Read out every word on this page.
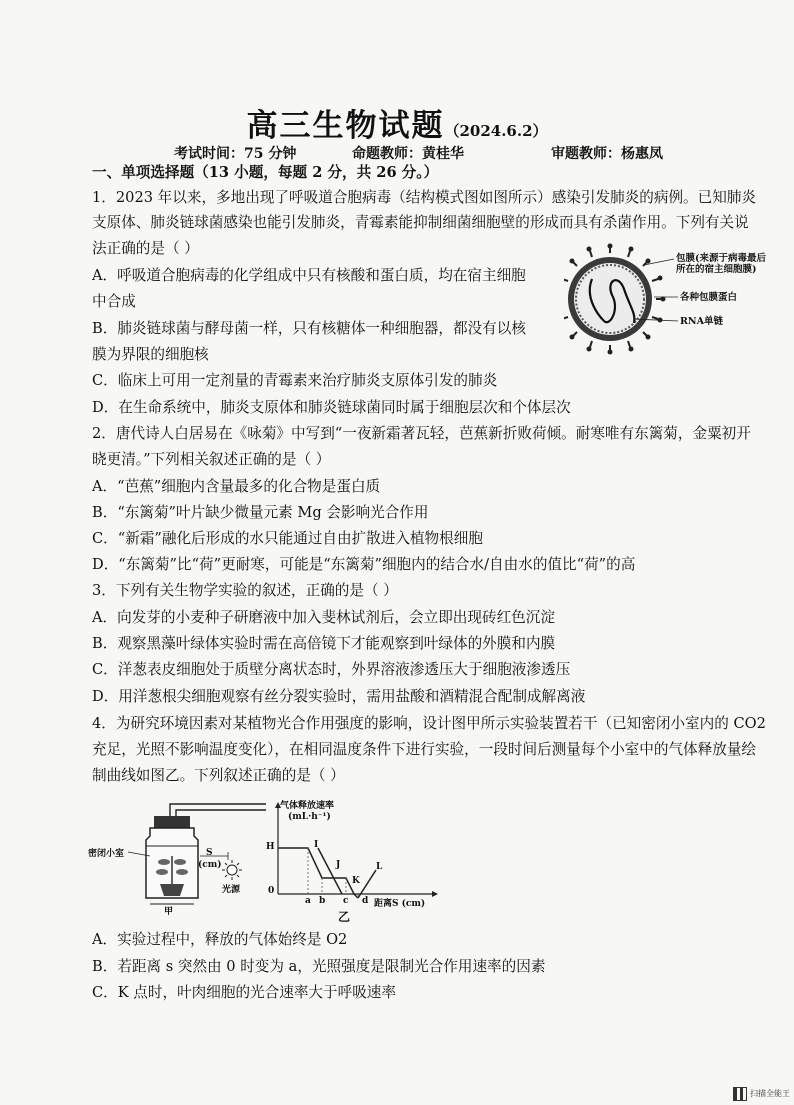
高三生物试题（2024.6.2）
考试时间：75 分钟	命题教师：黄桂华	审题教师：杨惠凤
一、单项选择题（13 小题，每题 2 分，共 26 分。）
1．2023 年以来，多地出现了呼吸道合胞病毒（结构模式图如图所示）感染引发肺炎的病例。已知肺炎
支原体、肺炎链球菌感染也能引发肺炎，青霉素能抑制细菌细胞壁的形成而具有杀菌作用。下列有关说
法正确的是（ ）
A．呼吸道合胞病毒的化学组成中只有核酸和蛋白质，均在宿主细胞
中合成
B．肺炎链球菌与酵母菌一样，只有核糖体一种细胞器，都没有以核
膜为界限的细胞核
C．临床上可用一定剂量的青霉素来治疗肺炎支原体引发的肺炎
D．在生命系统中，肺炎支原体和肺炎链球菌同时属于细胞层次和个体层次
包膜(来源于病毒最后
所在的宿主细胞膜)
各种包膜蛋白
RNA单链
2．唐代诗人白居易在《咏菊》中写到“一夜新霜著瓦轻，芭蕉新折败荷倾。耐寒唯有东篱菊，金粟初开
晓更清。”下列相关叙述正确的是（ ）
A．“芭蕉”细胞内含量最多的化合物是蛋白质
B．“东篱菊”叶片缺少微量元素 Mg 会影响光合作用
C．“新霜”融化后形成的水只能通过自由扩散进入植物根细胞
D．“东篱菊”比“荷”更耐寒，可能是“东篱菊”细胞内的结合水/自由水的值比“荷”的高
3．下列有关生物学实验的叙述，正确的是（ ）
A．向发芽的小麦种子研磨液中加入斐林试剂后，会立即出现砖红色沉淀
B．观察黑藻叶绿体实验时需在高倍镜下才能观察到叶绿体的外膜和内膜
C．洋葱表皮细胞处于质壁分离状态时，外界溶液渗透压大于细胞液渗透压
D．用洋葱根尖细胞观察有丝分裂实验时，需用盐酸和酒精混合配制成解离液
4．为研究环境因素对某植物光合作用强度的影响，设计图甲所示实验装置若干（已知密闭小室内的 CO2
充足，光照不影响温度变化），在相同温度条件下进行实验，一段时间后测量每个小室中的气体释放量绘
制曲线如图乙。下列叙述正确的是（ ）
密闭小室	S
(cm)
光源
甲
气体释放速率
(mL·h⁻¹)
H
0
I
J
K
L
a b c d 距离S (cm)
乙
A．实验过程中，释放的气体始终是 O2
B．若距离 s 突然由 0 时变为 a，光照强度是限制光合作用速率的因素
C．K 点时，叶肉细胞的光合速率大于呼吸速率
扫描全能王
